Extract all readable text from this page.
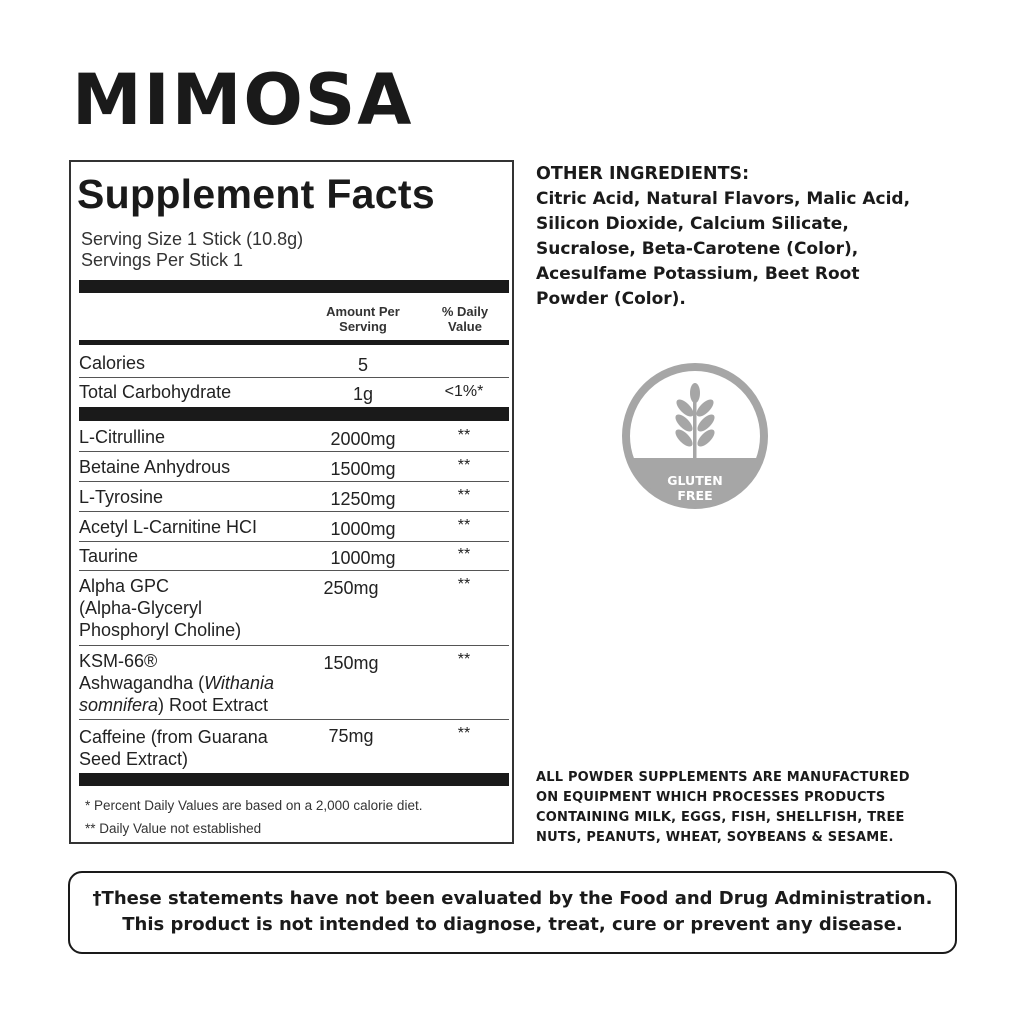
MIMOSA
Supplement Facts
Serving Size 1 Stick (10.8g)
Servings Per Stick 1
Amount Per
Serving
% Daily
Value
Calories	5
Total Carbohydrate	1g	<1%*
L-Citrulline	2000mg	**
Betaine Anhydrous	1500mg	**
L-Tyrosine	1250mg	**
Acetyl L-Carnitine HCI	1000mg	**
Taurine	1000mg	**
Alpha GPC
(Alpha-Glyceryl
Phosphoryl Choline)
250mg	**
KSM-66®
Ashwagandha (Withania
somnifera) Root Extract
150mg	**
Caffeine (from Guarana
Seed Extract)
75mg	**
* Percent Daily Values are based on a 2,000 calorie diet.
** Daily Value not established
OTHER INGREDIENTS:
Citric Acid, Natural Flavors, Malic Acid,
Silicon Dioxide, Calcium Silicate,
Sucralose, Beta-Carotene (Color),
Acesulfame Potassium, Beet Root
Powder (Color).
GLUTEN
FREE
ALL POWDER SUPPLEMENTS ARE MANUFACTURED
ON EQUIPMENT WHICH PROCESSES PRODUCTS
CONTAINING MILK, EGGS, FISH, SHELLFISH, TREE
NUTS, PEANUTS, WHEAT, SOYBEANS & SESAME.
†These statements have not been evaluated by the Food and Drug Administration.
This product is not intended to diagnose, treat, cure or prevent any disease.
